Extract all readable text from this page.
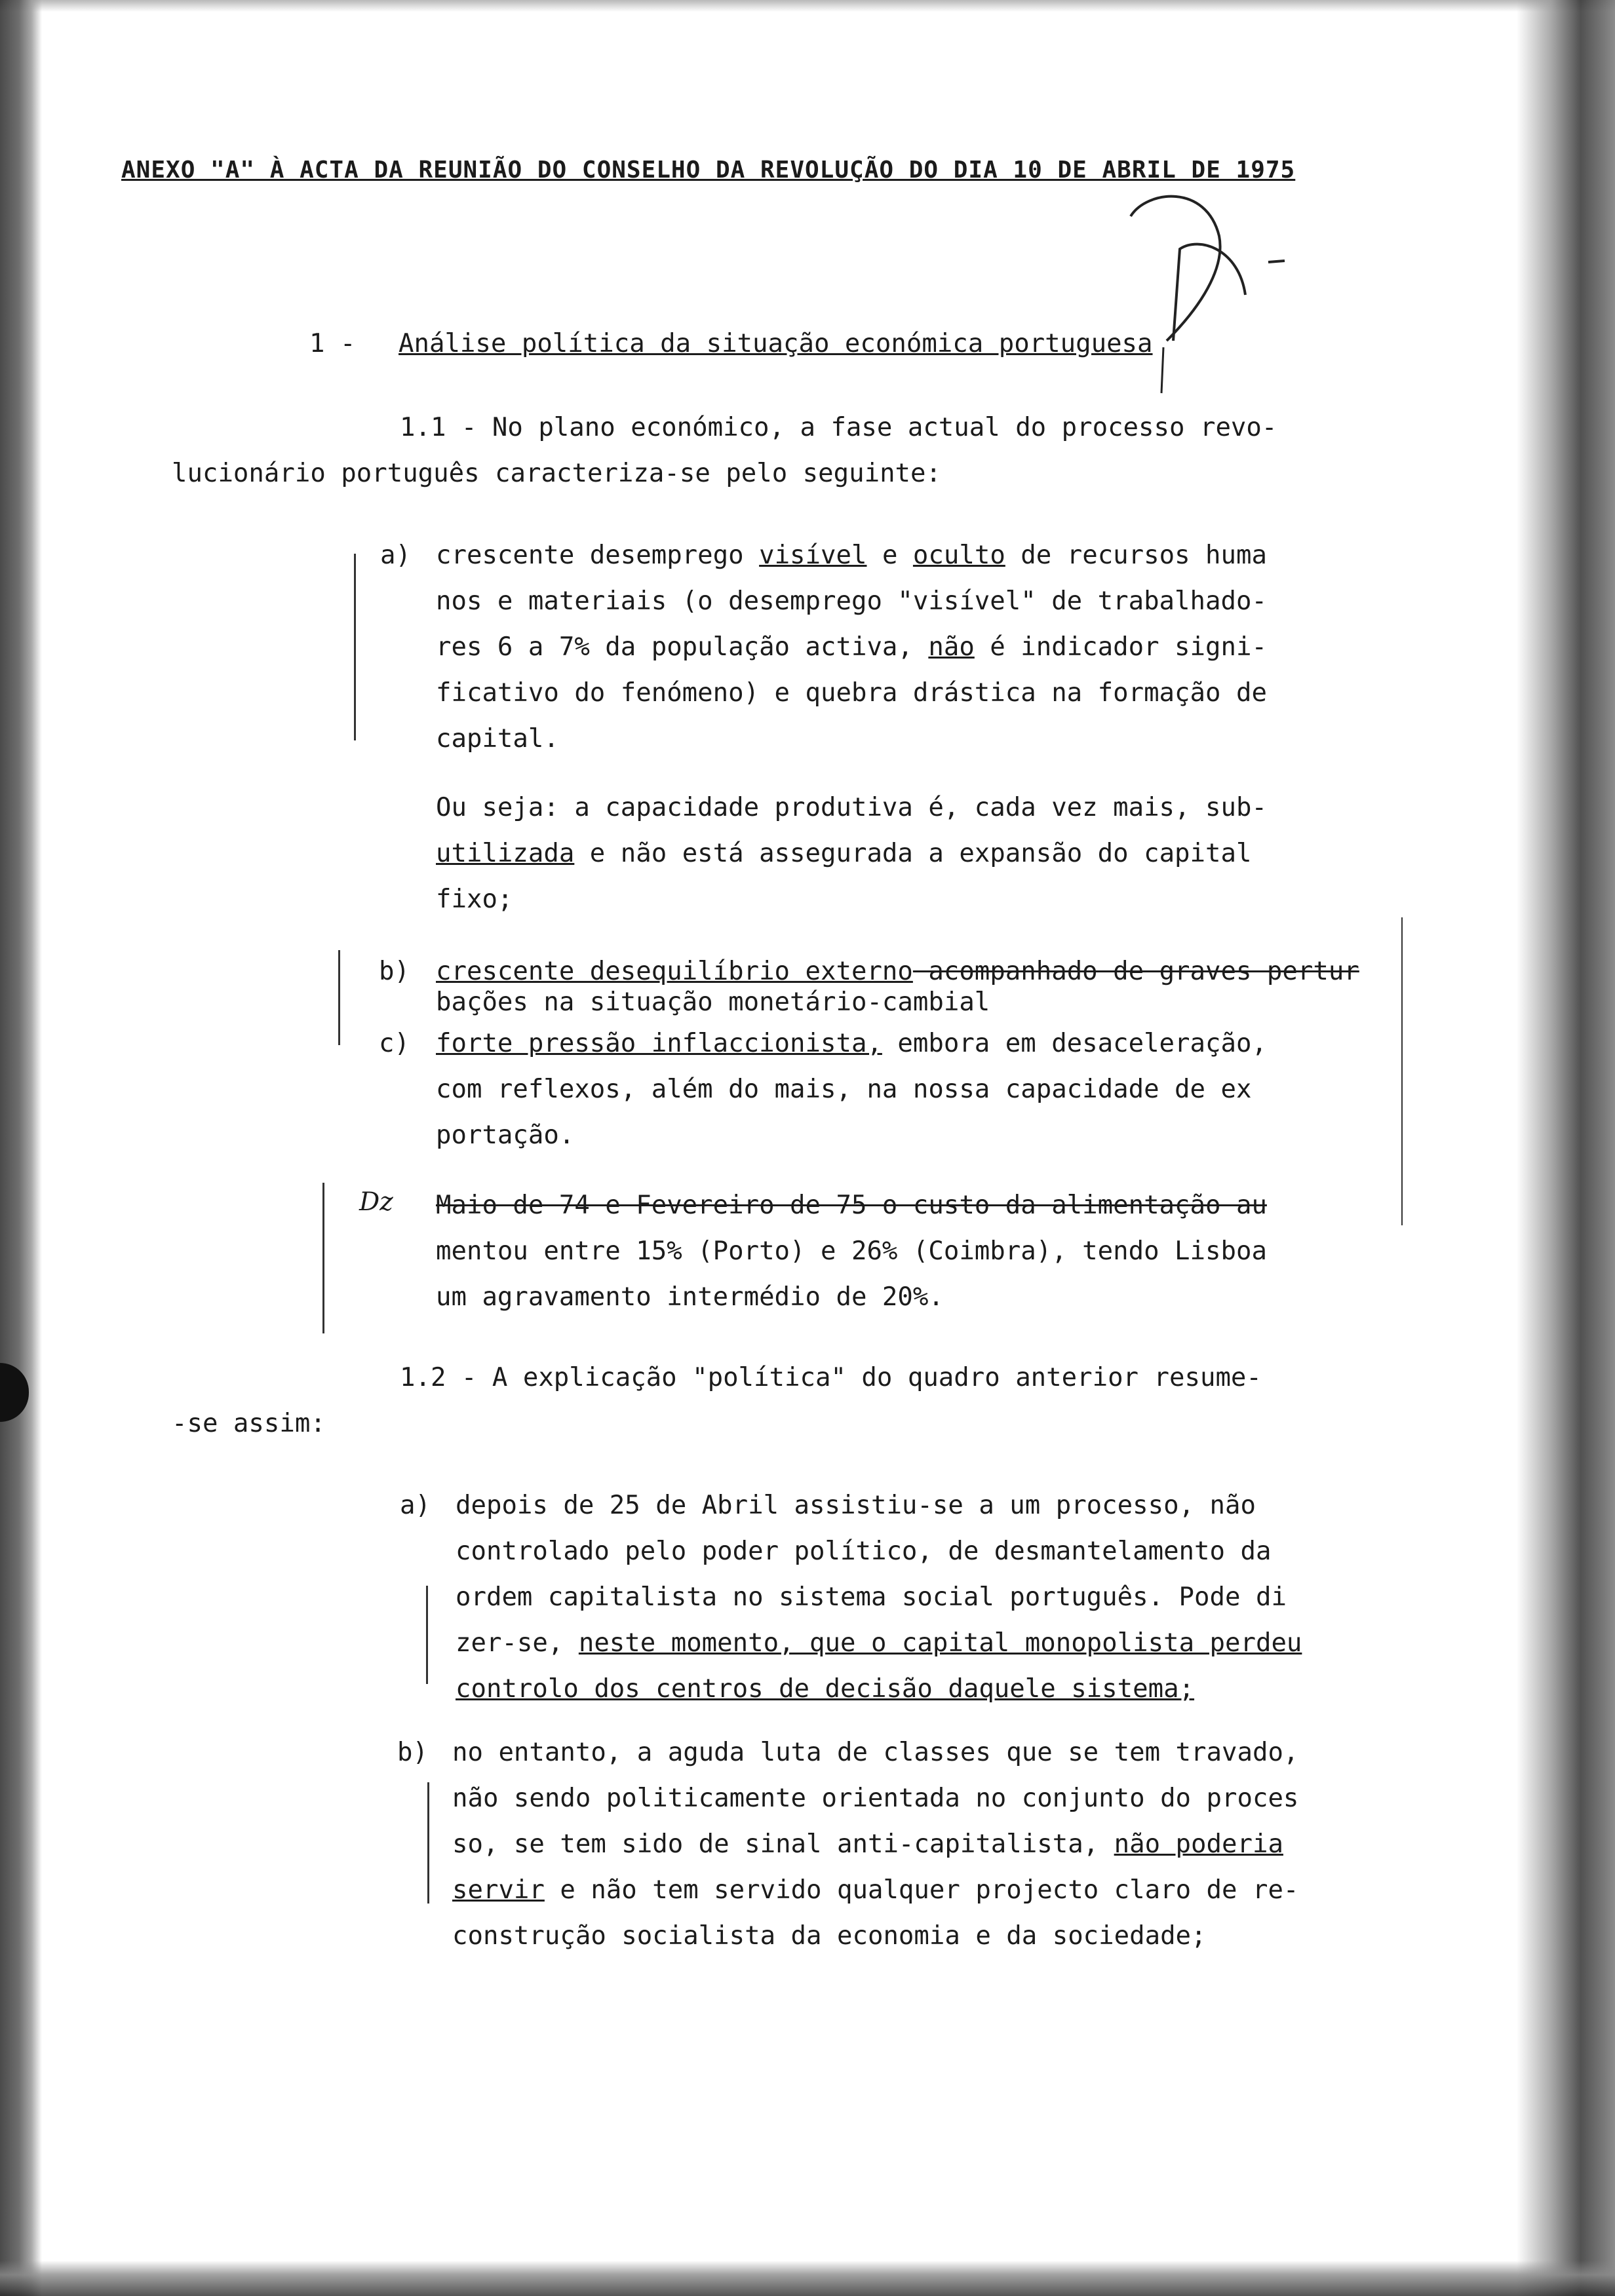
ANEXO "A" À ACTA DA REUNIÃO DO CONSELHO DA REVOLUÇÃO DO DIA 10 DE ABRIL DE 1975
1 - Análise política da situação económica portuguesa
1.1 - No plano económico, a fase actual do processo revo-
lucionário português caracteriza-se pelo seguinte:
a) crescente desemprego visível e oculto de recursos huma
nos e materiais (o desemprego "visível" de trabalhado-
res 6 a 7% da população activa, não é indicador signi-
ficativo do fenómeno) e quebra drástica na formação de
capital.
Ou seja: a capacidade produtiva é, cada vez mais, sub-
utilizada e não está assegurada a expansão do capital
fixo;
b) crescente desequilíbrio externo acompanhado de graves pertur
bações na situação monetário-cambial
c) forte pressão inflaccionista, embora em desaceleração,
com reflexos, além do mais, na nossa capacidade de ex
portação.
Dz Maio de 74 e Fevereiro de 75 o custo da alimentação au
mentou entre 15% (Porto) e 26% (Coimbra), tendo Lisboa
um agravamento intermédio de 20%.
1.2 - A explicação "política" do quadro anterior resume-
-se assim:
a) depois de 25 de Abril assistiu-se a um processo, não
controlado pelo poder político, de desmantelamento da
ordem capitalista no sistema social português. Pode di
zer-se, neste momento, que o capital monopolista perdeu
controlo dos centros de decisão daquele sistema;
b) no entanto, a aguda luta de classes que se tem travado,
não sendo politicamente orientada no conjunto do proces
so, se tem sido de sinal anti-capitalista, não poderia
servir e não tem servido qualquer projecto claro de re-
construção socialista da economia e da sociedade;
